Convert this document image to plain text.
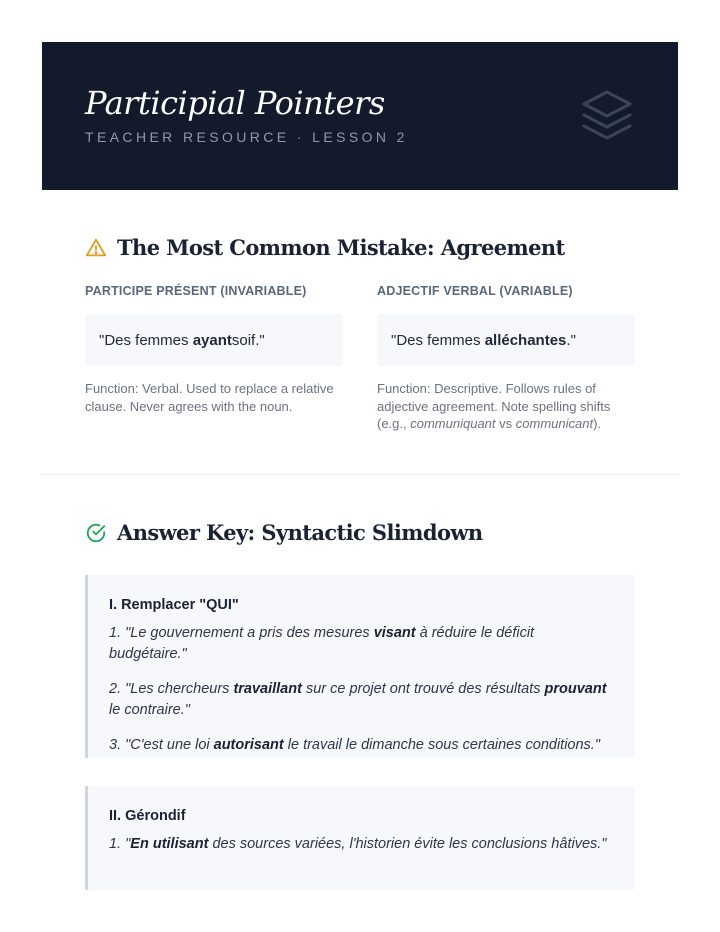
Participial Pointers
TEACHER RESOURCE · LESSON 2
The Most Common Mistake: Agreement
PARTICIPE PRÉSENT (INVARIABLE)
"Des femmes ayant soif."
Function: Verbal. Used to replace a relative clause. Never agrees with the noun.
ADJECTIF VERBAL (VARIABLE)
"Des femmes alléchantes ."
Function: Descriptive. Follows rules of adjective agreement. Note spelling shifts (e.g., communiquant vs communicant).
Answer Key: Syntactic Slimdown
I. Remplacer "QUI"
1. "Le gouvernement a pris des mesures visant à réduire le déficit budgétaire."
2. "Les chercheurs travaillant sur ce projet ont trouvé des résultats prouvant le contraire."
3. "C'est une loi autorisant le travail le dimanche sous certaines conditions."
II. Gérondif
1. "En utilisant des sources variées, l'historien évite les conclusions hâtives."
